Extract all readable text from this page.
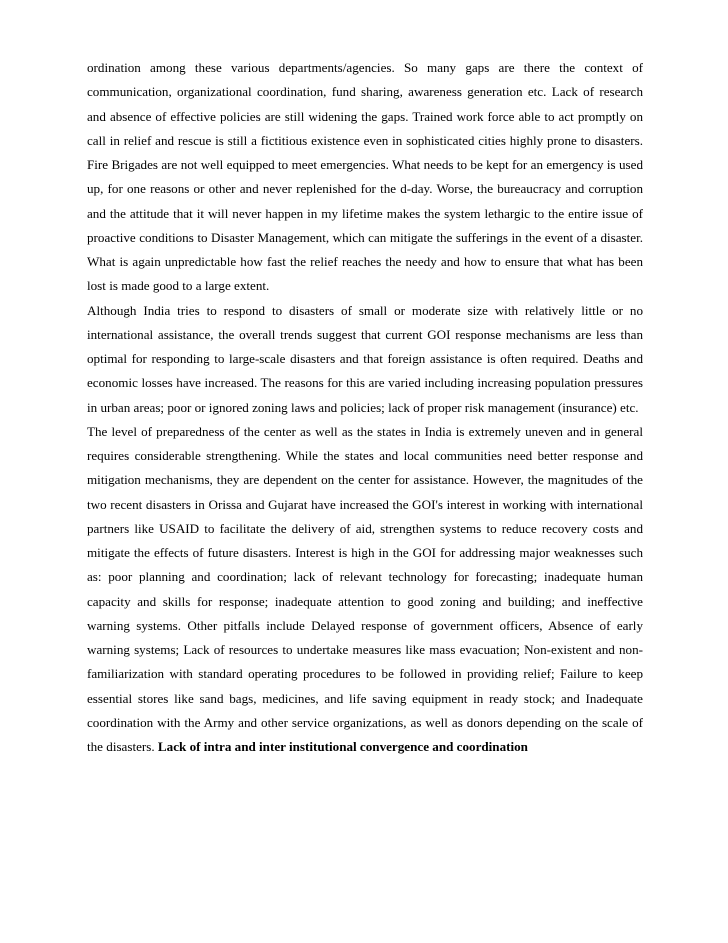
ordination among these various departments/agencies. So many gaps are there the context of communication, organizational coordination, fund sharing, awareness generation etc. Lack of research and absence of effective policies are still widening the gaps. Trained work force able to act promptly on call in relief and rescue is still a fictitious existence even in sophisticated cities highly prone to disasters. Fire Brigades are not well equipped to meet emergencies. What needs to be kept for an emergency is used up, for one reasons or other and never replenished for the d-day. Worse, the bureaucracy and corruption and the attitude that it will never happen in my lifetime makes the system lethargic to the entire issue of proactive conditions to Disaster Management, which can mitigate the sufferings in the event of a disaster. What is again unpredictable how fast the relief reaches the needy and how to ensure that what has been lost is made good to a large extent.

Although India tries to respond to disasters of small or moderate size with relatively little or no international assistance, the overall trends suggest that current GOI response mechanisms are less than optimal for responding to large-scale disasters and that foreign assistance is often required. Deaths and economic losses have increased. The reasons for this are varied including increasing population pressures in urban areas; poor or ignored zoning laws and policies; lack of proper risk management (insurance) etc.

The level of preparedness of the center as well as the states in India is extremely uneven and in general requires considerable strengthening. While the states and local communities need better response and mitigation mechanisms, they are dependent on the center for assistance. However, the magnitudes of the two recent disasters in Orissa and Gujarat have increased the GOI's interest in working with international partners like USAID to facilitate the delivery of aid, strengthen systems to reduce recovery costs and mitigate the effects of future disasters. Interest is high in the GOI for addressing major weaknesses such as: poor planning and coordination; lack of relevant technology for forecasting; inadequate human capacity and skills for response; inadequate attention to good zoning and building; and ineffective warning systems. Other pitfalls include Delayed response of government officers, Absence of early warning systems; Lack of resources to undertake measures like mass evacuation; Non-existent and non-familiarization with standard operating procedures to be followed in providing relief; Failure to keep essential stores like sand bags, medicines, and life saving equipment in ready stock; and Inadequate coordination with the Army and other service organizations, as well as donors depending on the scale of the disasters. Lack of intra and inter institutional convergence and coordination
